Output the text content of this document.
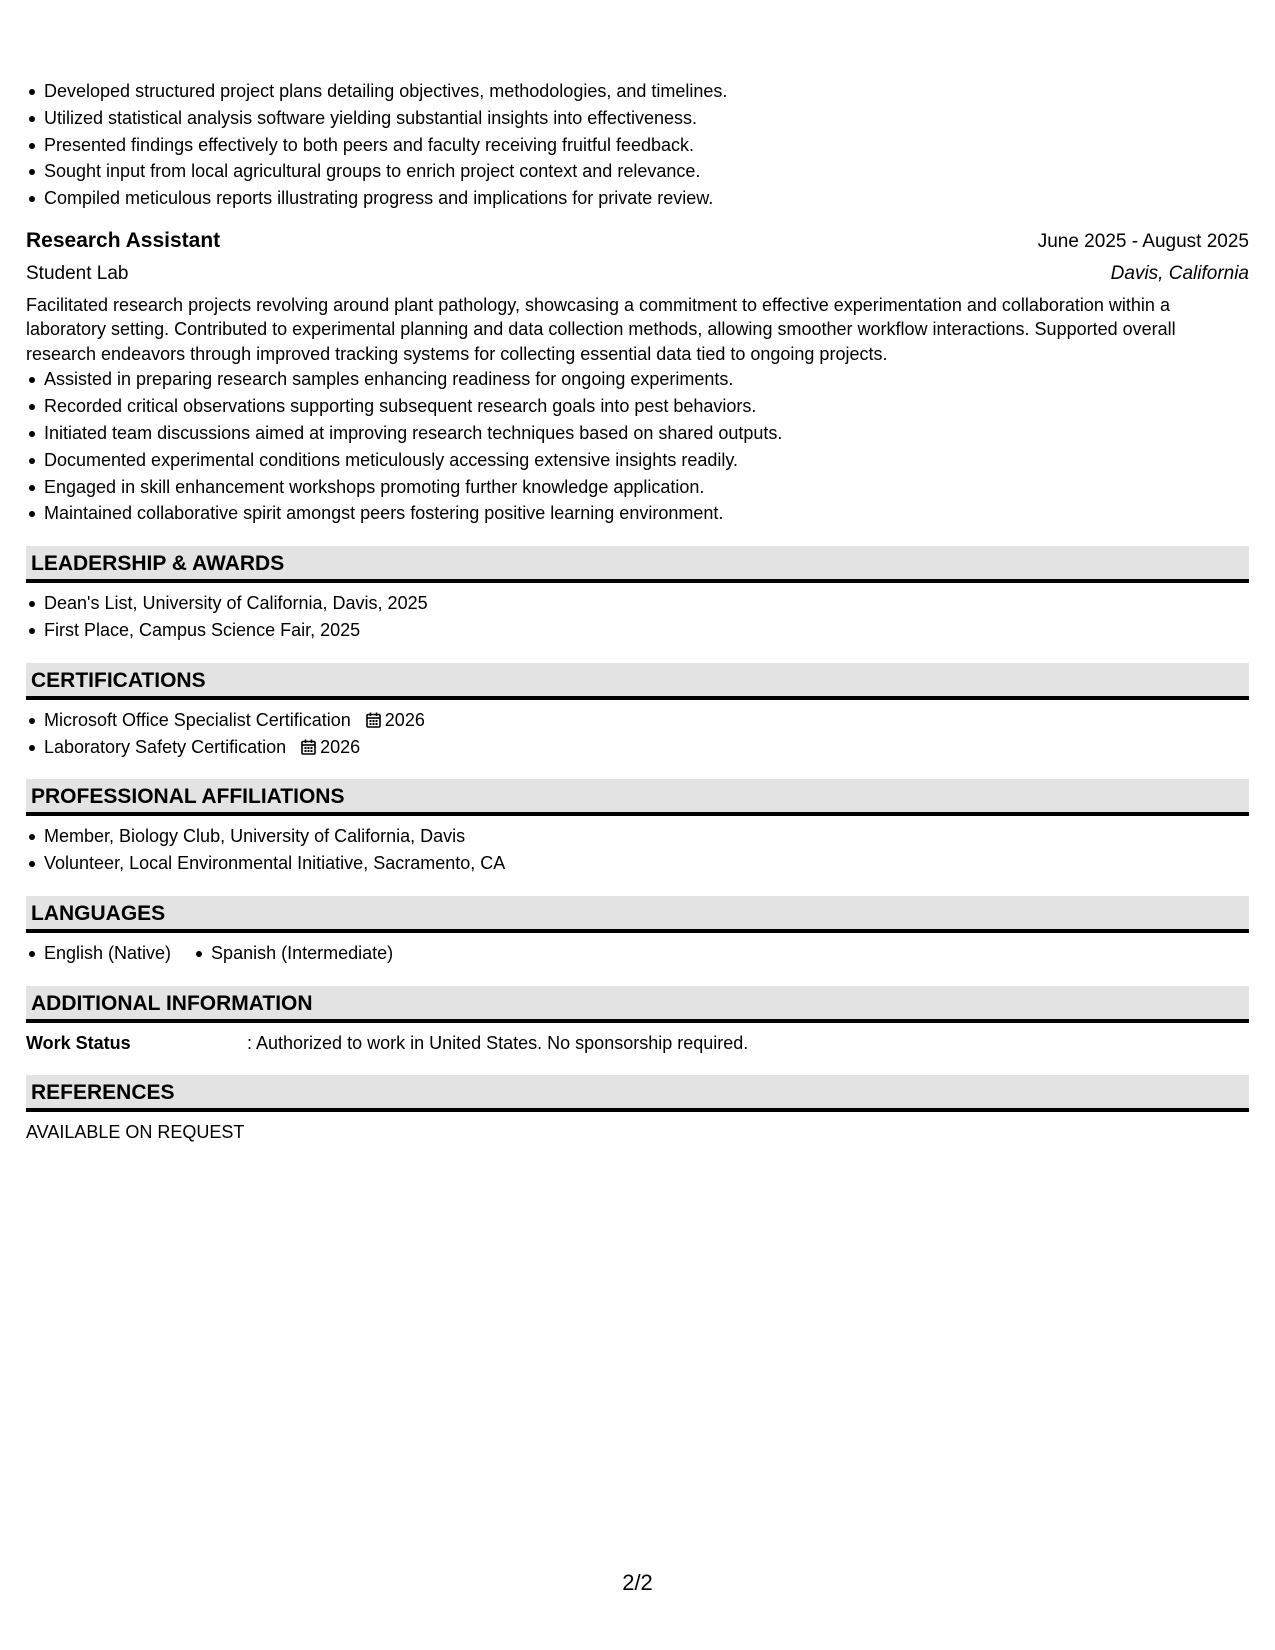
Developed structured project plans detailing objectives, methodologies, and timelines.
Utilized statistical analysis software yielding substantial insights into effectiveness.
Presented findings effectively to both peers and faculty receiving fruitful feedback.
Sought input from local agricultural groups to enrich project context and relevance.
Compiled meticulous reports illustrating progress and implications for private review.
Research Assistant	June 2025 - August 2025
Student Lab	Davis, California
Facilitated research projects revolving around plant pathology, showcasing a commitment to effective experimentation and collaboration within a laboratory setting. Contributed to experimental planning and data collection methods, allowing smoother workflow interactions. Supported overall research endeavors through improved tracking systems for collecting essential data tied to ongoing projects.
Assisted in preparing research samples enhancing readiness for ongoing experiments.
Recorded critical observations supporting subsequent research goals into pest behaviors.
Initiated team discussions aimed at improving research techniques based on shared outputs.
Documented experimental conditions meticulously accessing extensive insights readily.
Engaged in skill enhancement workshops promoting further knowledge application.
Maintained collaborative spirit amongst peers fostering positive learning environment.
LEADERSHIP & AWARDS
Dean's List, University of California, Davis, 2025
First Place, Campus Science Fair, 2025
CERTIFICATIONS
Microsoft Office Specialist Certification 2026
Laboratory Safety Certification 2026
PROFESSIONAL AFFILIATIONS
Member, Biology Club, University of California, Davis
Volunteer, Local Environmental Initiative, Sacramento, CA
LANGUAGES
English (Native)	Spanish (Intermediate)
ADDITIONAL INFORMATION
Work Status	: Authorized to work in United States. No sponsorship required.
REFERENCES
AVAILABLE ON REQUEST
2/2
